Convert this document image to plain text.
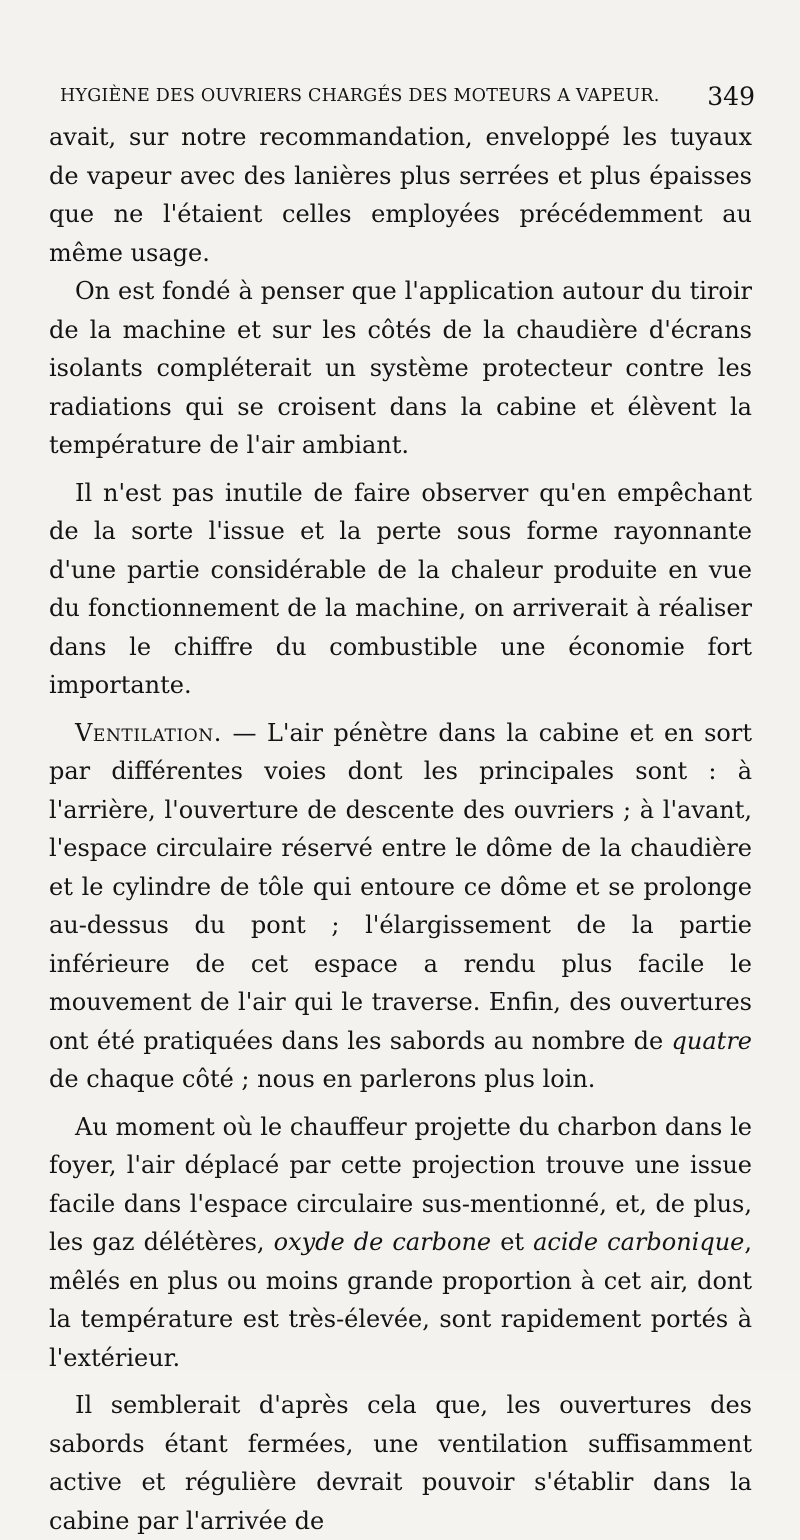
HYGIÈNE DES OUVRIERS CHARGÉS DES MOTEURS A VAPEUR. 349

avait, sur notre recommandation, enveloppé les tuyaux de vapeur avec des lanières plus serrées et plus épaisses que ne l'étaient celles employées précédemment au même usage.

On est fondé à penser que l'application autour du tiroir de la machine et sur les côtés de la chaudière d'écrans isolants compléterait un système protecteur contre les radiations qui se croisent dans la cabine et élèvent la température de l'air ambiant.

Il n'est pas inutile de faire observer qu'en empêchant de la sorte l'issue et la perte sous forme rayonnante d'une partie considérable de la chaleur produite en vue du fonctionnement de la machine, on arriverait à réaliser dans le chiffre du combustible une économie fort importante.

Ventilation. — L'air pénètre dans la cabine et en sort par différentes voies dont les principales sont : à l'arrière, l'ouverture de descente des ouvriers ; à l'avant, l'espace circulaire réservé entre le dôme de la chaudière et le cylindre de tôle qui entoure ce dôme et se prolonge au-dessus du pont ; l'élargissement de la partie inférieure de cet espace a rendu plus facile le mouvement de l'air qui le traverse. Enfin, des ouvertures ont été pratiquées dans les sabords au nombre de quatre de chaque côté ; nous en parlerons plus loin.

Au moment où le chauffeur projette du charbon dans le foyer, l'air déplacé par cette projection trouve une issue facile dans l'espace circulaire sus-mentionné, et, de plus, les gaz délétères, oxyde de carbone et acide carbonique, mêlés en plus ou moins grande proportion à cet air, dont la température est très-élevée, sont rapidement portés à l'extérieur.

Il semblerait d'après cela que, les ouvertures des sabords étant fermées, une ventilation suffisamment active et régulière devrait pouvoir s'établir dans la cabine par l'arrivée de
